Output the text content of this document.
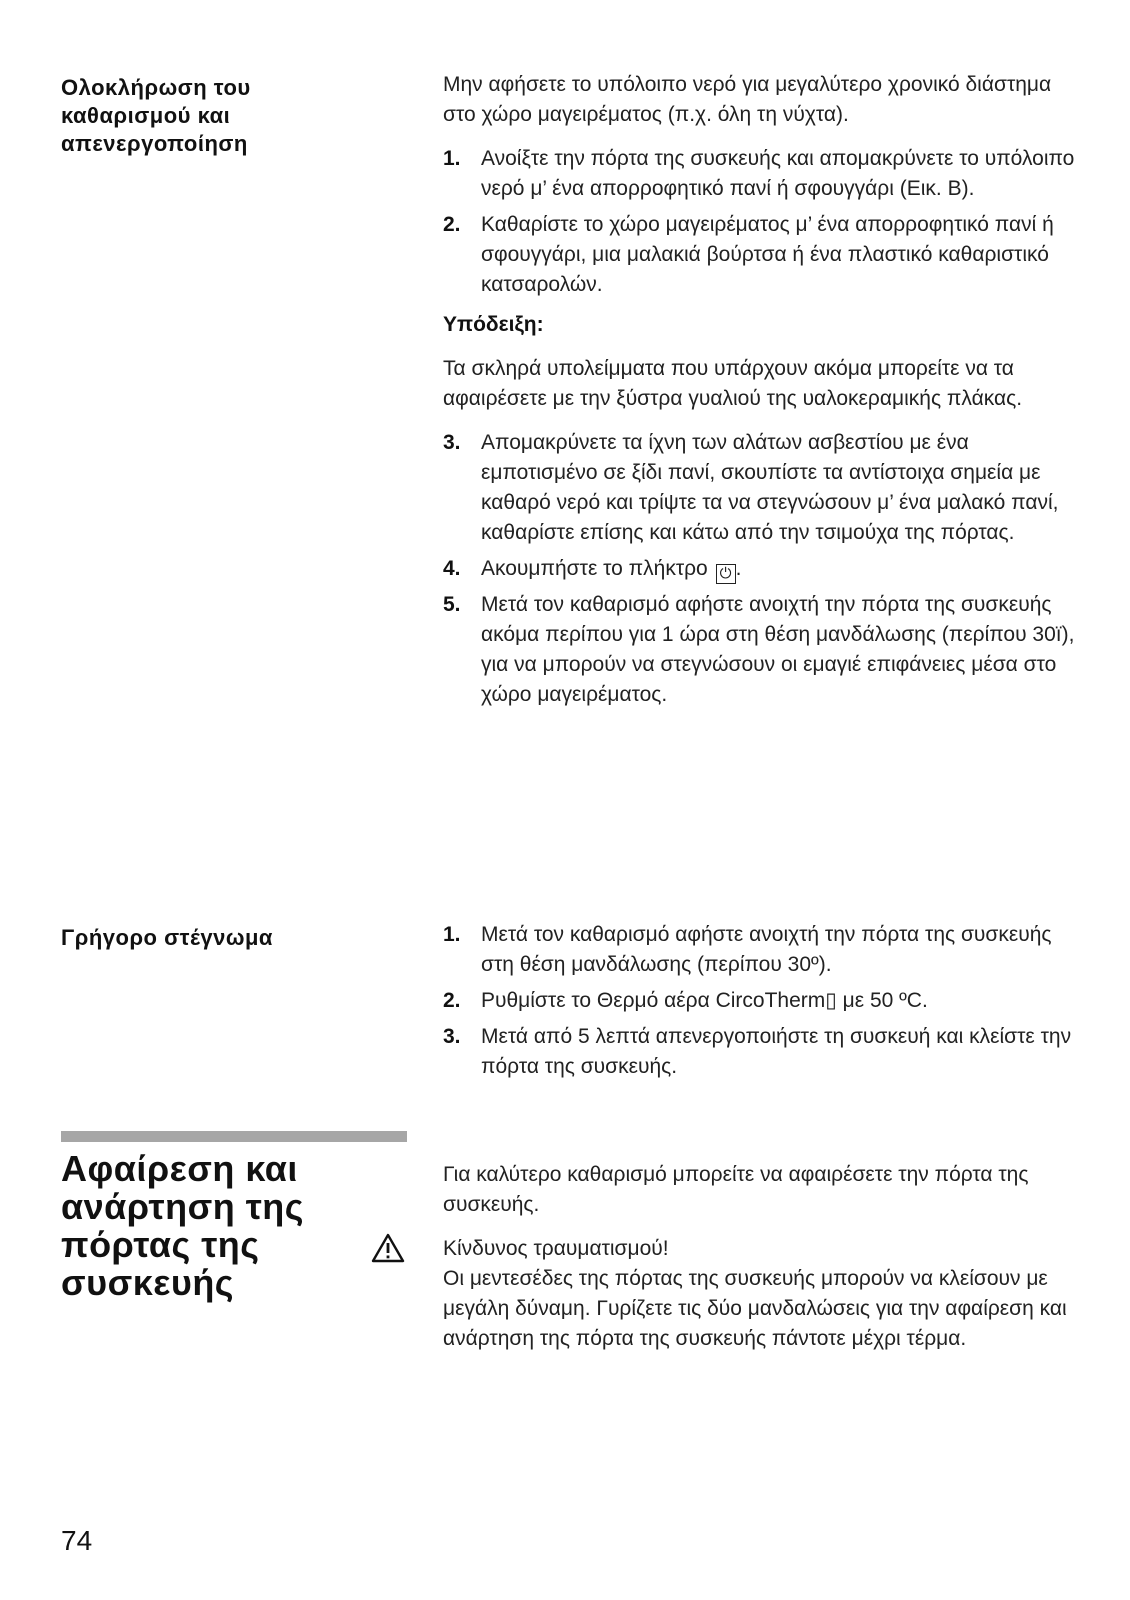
Ολοκλήρωση του
καθαρισμού και
απενεργοποίηση

Μην αφήσετε το υπόλοιπο νερό για μεγαλύτερο χρονικό διάστημα στο χώρο μαγειρέματος (π.χ. όλη τη νύχτα).

1. Ανοίξτε την πόρτα της συσκευής και απομακρύνετε το υπόλοιπο νερό μ’ ένα απορροφητικό πανί ή σφουγγάρι (Εικ. B).
2. Καθαρίστε το χώρο μαγειρέματος μ’ ένα απορροφητικό πανί ή σφουγγάρι, μια μαλακιά βούρτσα ή ένα πλαστικό καθαριστικό κατσαρολών.

Υπόδειξη:

Τα σκληρά υπολείμματα που υπάρχουν ακόμα μπορείτε να τα αφαιρέσετε με την ξύστρα γυαλιού της υαλοκεραμικής πλάκας.

3. Απομακρύνετε τα ίχνη των αλάτων ασβεστίου με ένα εμποτισμένο σε ξίδι πανί, σκουπίστε τα αντίστοιχα σημεία με καθαρό νερό και τρίψτε τα να στεγνώσουν μ’ ένα μαλακό πανί, καθαρίστε επίσης και κάτω από την τσιμούχα της πόρτας.
4. Ακουμπήστε το πλήκτρο ⏻ .
5. Μετά τον καθαρισμό αφήστε ανοιχτή την πόρτα της συσκευής ακόμα περίπου για 1 ώρα στη θέση μανδάλωσης (περίπου 30ï), για να μπορούν να στεγνώσουν οι εμαγιέ επιφάνειες μέσα στο χώρο μαγειρέματος.
Γρήγορο στέγνωμα	1. Μετά τον καθαρισμό αφήστε ανοιχτή την πόρτα της συσκευής στη θέση μανδάλωσης (περίπου 30º).
2. Ρυθμίστε το Θερμό αέρα CircoTherm▯ με 50 ºC.
3. Μετά από 5 λεπτά απενεργοποιήστε τη συσκευή και κλείστε την πόρτα της συσκευής.
Αφαίρεση και
ανάρτηση της
πόρτας της
συσκευής

Για καλύτερο καθαρισμό μπορείτε να αφαιρέσετε την πόρτα της συσκευής.

Κίνδυνος τραυματισμού!

Οι μεντεσέδες της πόρτας της συσκευής μπορούν να κλείσουν με μεγάλη δύναμη. Γυρίζετε τις δύο μανδαλώσεις για την αφαίρεση και ανάρτηση της πόρτα της συσκευής πάντοτε μέχρι τέρμα.

74
